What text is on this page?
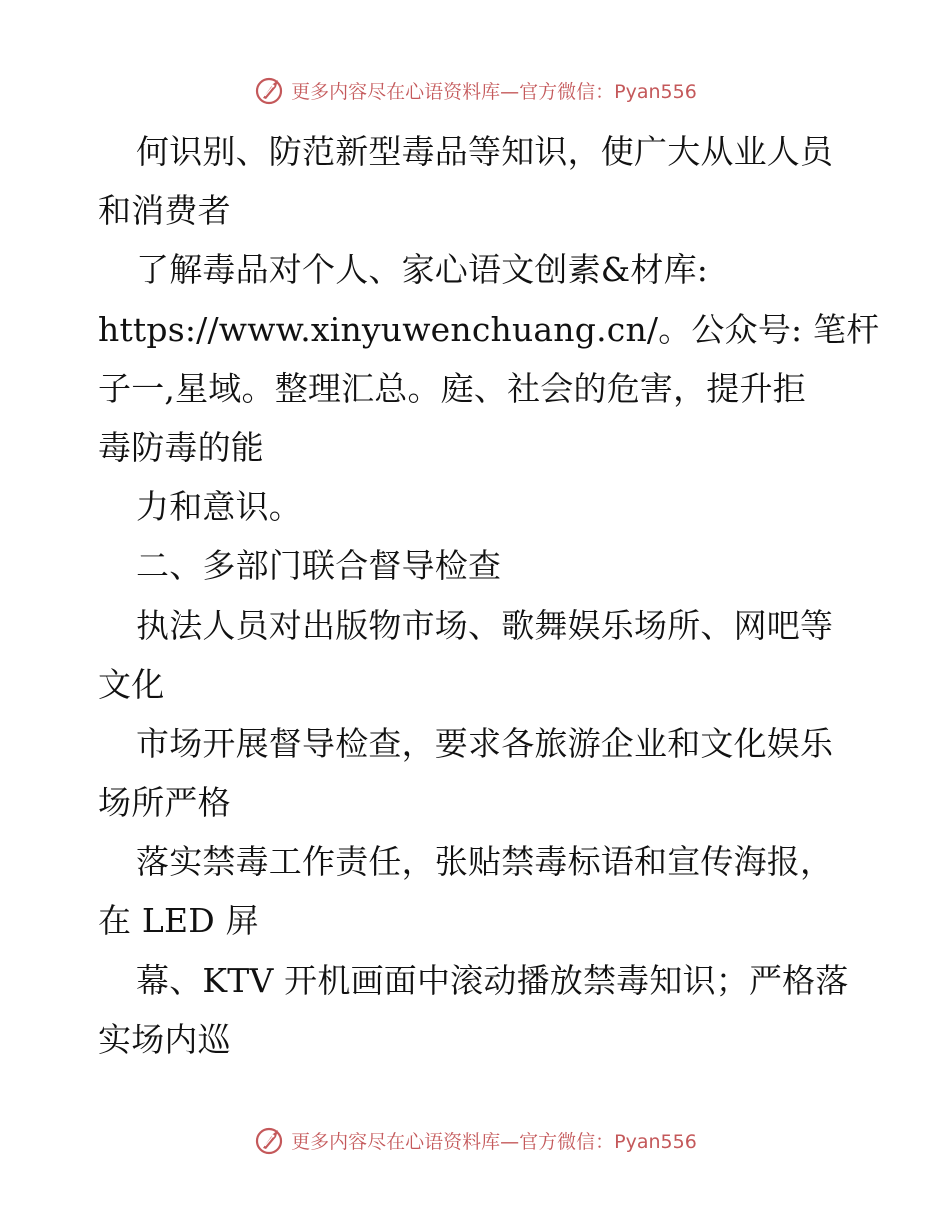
更多内容尽在心语资料库—官方微信：Pyan556
何识别、防范新型毒品等知识，使广大从业人员
和消费者
了解毒品对个人、家心语文创素&材库:
https://www.xinyuwenchuang.cn/。公众号: 笔杆
子一,星域。整理汇总。庭、社会的危害，提升拒
毒防毒的能
力和意识。
二、多部门联合督导检查
执法人员对出版物市场、歌舞娱乐场所、网吧等
文化
市场开展督导检查，要求各旅游企业和文化娱乐
场所严格
落实禁毒工作责任，张贴禁毒标语和宣传海报，
在 LED 屏
幕、KTV 开机画面中滚动播放禁毒知识；严格落
实场内巡
更多内容尽在心语资料库—官方微信：Pyan556
